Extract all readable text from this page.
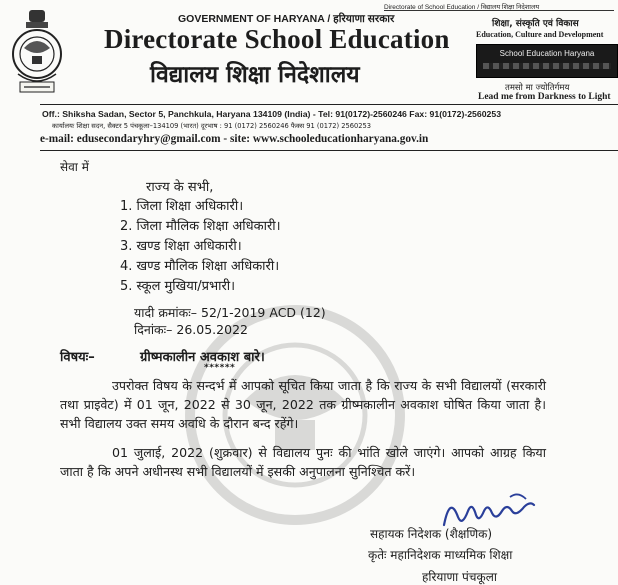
Directorate of School Education / विद्यालय शिक्षा निदेशालय
GOVERNMENT OF HARYANA / हरियाणा सरकार
Directorate School Education
विद्यालय शिक्षा निदेशालय
शिक्षा, संस्कृति एवं विकास
Education, Culture and Development
School Education Haryana
तमसो मा ज्योतिर्गमय
Lead me from Darkness to Light
Off.: Shiksha Sadan, Sector 5, Panchkula, Haryana 134109 (India) - Tel: 91(0172)-2560246 Fax: 91(0172)-2560253
कार्यालयः शिक्षा सदन, सैक्टर 5 पंचकूला–134109 (भारत) दूरभाष : 91 (0172) 2560246 फैक्स 91 (0172) 2560253
e-mail: edusecondaryhry@gmail.com - site: www.schooleducationharyana.gov.in
सेवा में
राज्य के सभी,
1. जिला शिक्षा अधिकारी।
2. जिला मौलिक शिक्षा अधिकारी।
3. खण्ड शिक्षा अधिकारी।
4. खण्ड मौलिक शिक्षा अधिकारी।
5. स्कूल मुखिया/प्रभारी।
यादी क्रमांकः– 52/1-2019 ACD (12)
दिनांकः– 26.05.2022
विषयः–	ग्रीष्मकालीन अवकाश बारे।
******
उपरोक्त विषय के सन्दर्भ में आपको सूचित किया जाता है कि राज्य के सभी विद्यालयों (सरकारी तथा प्राइवेट) में 01 जून, 2022 से 30 जून, 2022 तक ग्रीष्मकालीन अवकाश घोषित किया जाता है। सभी विद्यालय उक्त समय अवधि के दौरान बन्द रहेंगे।
01 जुलाई, 2022 (शुक्रवार) से विद्यालय पुनः की भांति खोले जाएंगे। आपको आग्रह किया जाता है कि अपने अधीनस्थ सभी विद्यालयों में इसकी अनुपालना सुनिश्चित करें।
सहायक निदेशक (शैक्षणिक)
कृतेः महानिदेशक माध्यमिक शिक्षा
हरियाणा पंचकूला
